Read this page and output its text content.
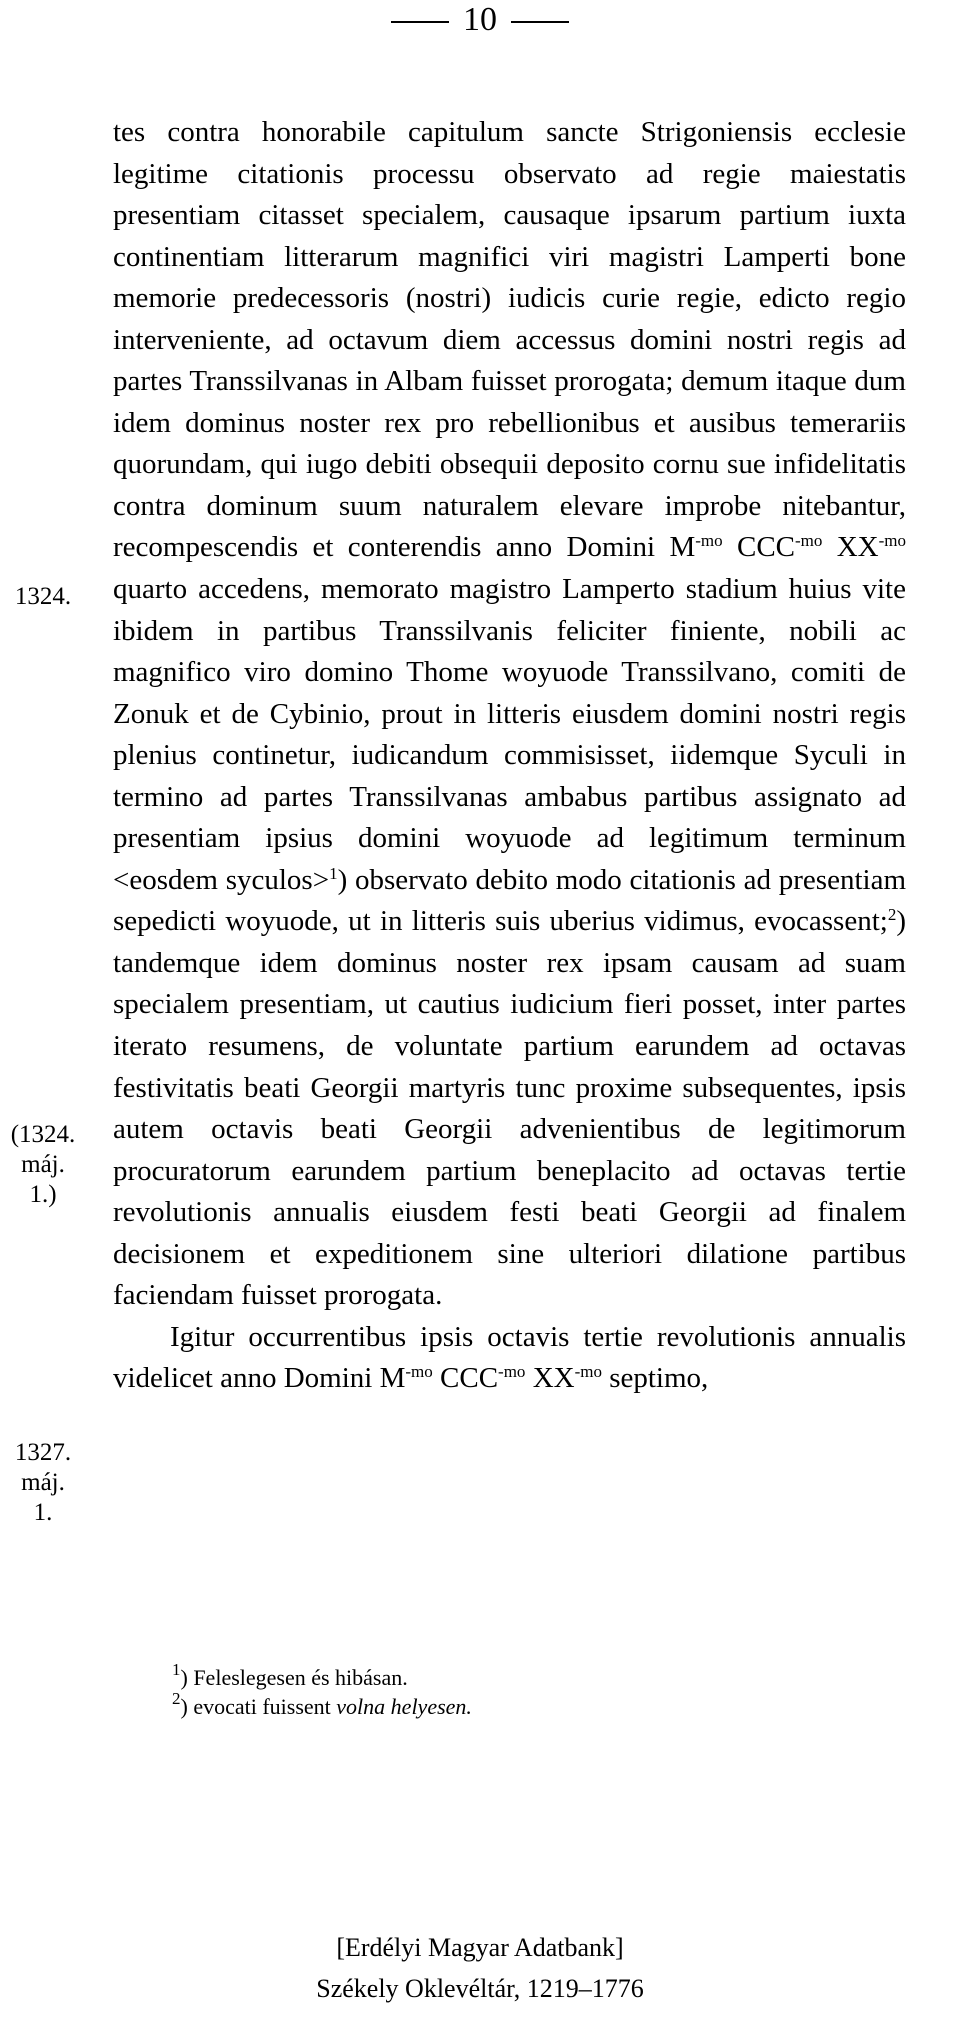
10
1324.
(1324.
máj.
1.)
1327.
máj.
1.

tes contra honorabile capitulum sancte Strigoniensis ecclesie legitime citationis processu observato ad regie maiestatis presentiam citasset specialem, causaque ipsarum partium iuxta continentiam litterarum magnifici viri magistri Lamperti bone memorie predecessoris (nostri) iudicis curie regie, edicto regio interveniente, ad octavum diem accessus domini nostri regis ad partes Transsilvanas in Albam fuisset prorogata; demum itaque dum idem dominus noster rex pro rebellionibus et ausibus temerariis quorundam, qui iugo debiti obsequii deposito cornu sue infidelitatis contra dominum suum naturalem elevare improbe nitebantur, recompescendis et conterendis anno Domini $M^{-mo}$ $CCC^{-mo}$ $XX^{-mo}$ quarto accedens, memorato magistro Lamperto stadium huius vite ibidem in partibus Transsilvanis feliciter finiente, nobili ac magnifico viro domino Thome woyuode Transsilvano, comiti de Zonuk et de Cybinio, prout in litteris eiusdem domini nostri regis plenius continetur, iudicandum commisisset, iidemque Syculi in termino ad partes Transsilvanas ambabus partibus assignato ad presentiam ipsius domini woyuode ad legitimum terminum <eosdem syculos>$^1$) observato debito modo citationis ad presentiam sepedicti woyuode, ut in litteris suis uberius vidimus, evocassent;$^2$) tandemque idem dominus noster rex ipsam causam ad suam specialem presentiam, ut cautius iudicium fieri posset, inter partes iterato resumens, de voluntate partium earundem ad octavas festivitatis beati Georgii martyris tunc proxime subsequentes, ipsis autem octavis beati Georgii advenientibus de legitimorum procuratorum earundem partium beneplacito ad octavas tertie revolutionis annualis eiusdem festi beati Georgii ad finalem decisionem et expeditionem sine ulteriori dilatione partibus faciendam fuisset prorogata.

Igitur occurrentibus ipsis octavis tertie revolutionis annualis videlicet anno Domini $M^{-mo}$ $CCC^{-mo}$ $XX^{-mo}$ septimo,

$^1$) Feleslegesen és hibásan.
$^2$) evocati fuissent volna helyesen.
[Erdélyi Magyar Adatbank]
Székely Oklevéltár, 1219–1776
